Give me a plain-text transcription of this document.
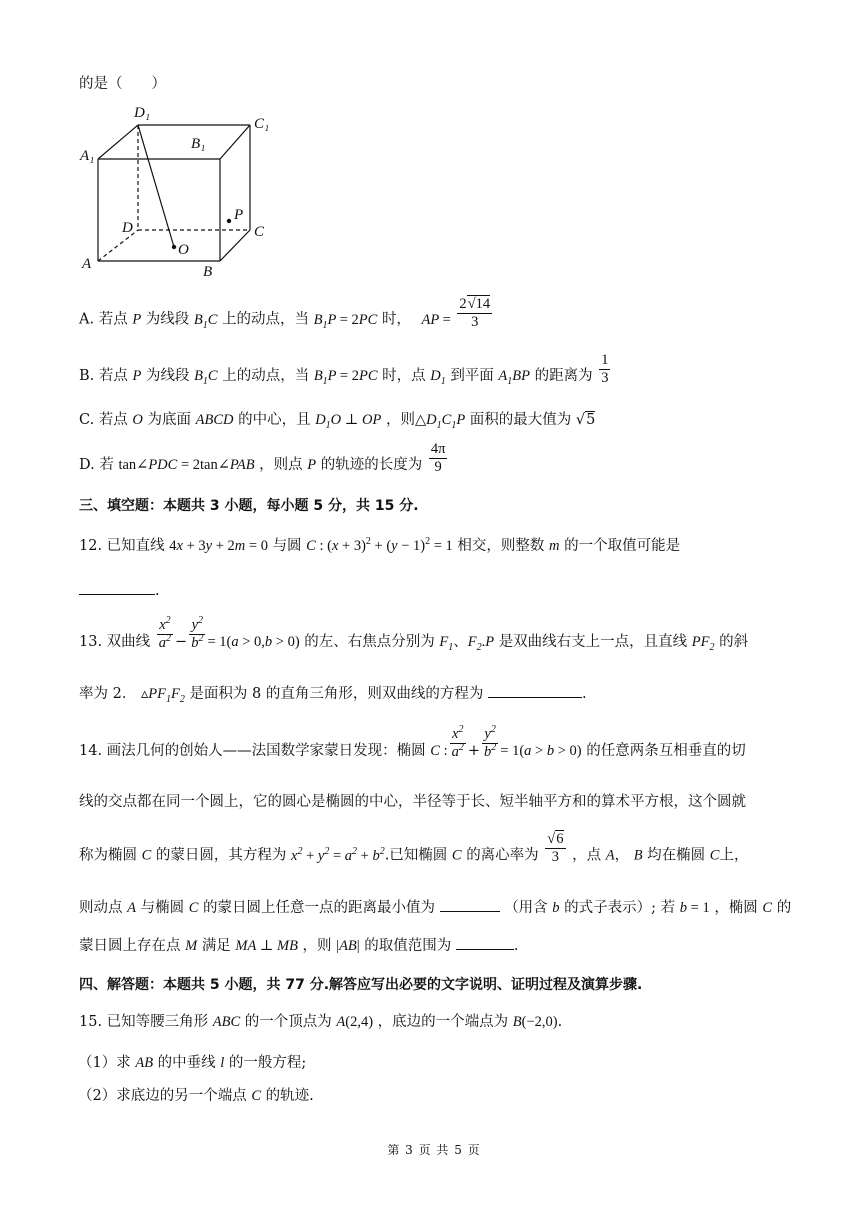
的是（　　）
D₁
C₁
A₁
B₁
D	C
A	B
O
P
A. 若点 P 为线段 $B_1C$ 上的动点，当 $B_1P = 2PC$ 时， AP = $\frac{2√14}{3}$
B. 若点 P 为线段 $B_1C$ 上的动点，当 $B_1P = 2PC$ 时，点 $D_1$ 到平面 $A_1BP$ 的距离为 $\frac{1}{3}$
C. 若点 O 为底面 ABCD 的中心，且 $D_1O$ ⊥ OP ，则$\triangle D_1C_1P$ 面积的最大值为 √5
D. 若 tan∠PDC = 2tan∠PAB ，则点 P 的轨迹的长度为 $\frac{4\pi}{9}$
三、填空题：本题共 3 小题，每小题 5 分，共 15 分.
12. 已知直线 4x + 3y + 2m = 0 与圆 C : $(x + 3)^2 + (y - 1)^2 = 1$ 相交，则整数 m 的一个取值可能是
.
13. 双曲线 $\frac{x^2}{a^2} - \frac{y^2}{b^2} = 1(a > 0,b > 0)$ 的左、右焦点分别为 $F_1$、$F_2.P$ 是双曲线右支上一点，且直线 $PF_2$ 的斜
率为 2． $▵PF_1F_2$ 是面积为 8 的直角三角形，则双曲线的方程为	.
14. 画法几何的创始人——法国数学家蒙日发现：椭圆 C : $\frac{x^2}{a^2} + \frac{y^2}{b^2} = 1(a > b > 0)$ 的任意两条互相垂直的切
线的交点都在同一个圆上，它的圆心是椭圆的中心，半径等于长、短半轴平方和的算术平方根，这个圆就
称为椭圆 C 的蒙日圆，其方程为 $x^2 + y^2 = a^2 + b^2$.已知椭圆 C 的离心率为 $\frac{√6}{3}$ ，点 A， B 均在椭圆 C上，
则动点 A 与椭圆 C 的蒙日圆上任意一点的距离最小值为	（用含 b 的式子表示）; 若 b = 1 ，椭圆 C 的
蒙日圆上存在点 M 满足 MA ⊥ MB ，则 |AB| 的取值范围为	.
四、解答题：本题共 5 小题，共 77 分.解答应写出必要的文字说明、证明过程及演算步骤.
15. 已知等腰三角形 ABC 的一个顶点为 A(2,4) ，底边的一个端点为 B(−2,0).
（1）求 AB 的中垂线 l 的一般方程;
（2）求底边的另一个端点 C 的轨迹.
第 3 页 共 5 页
